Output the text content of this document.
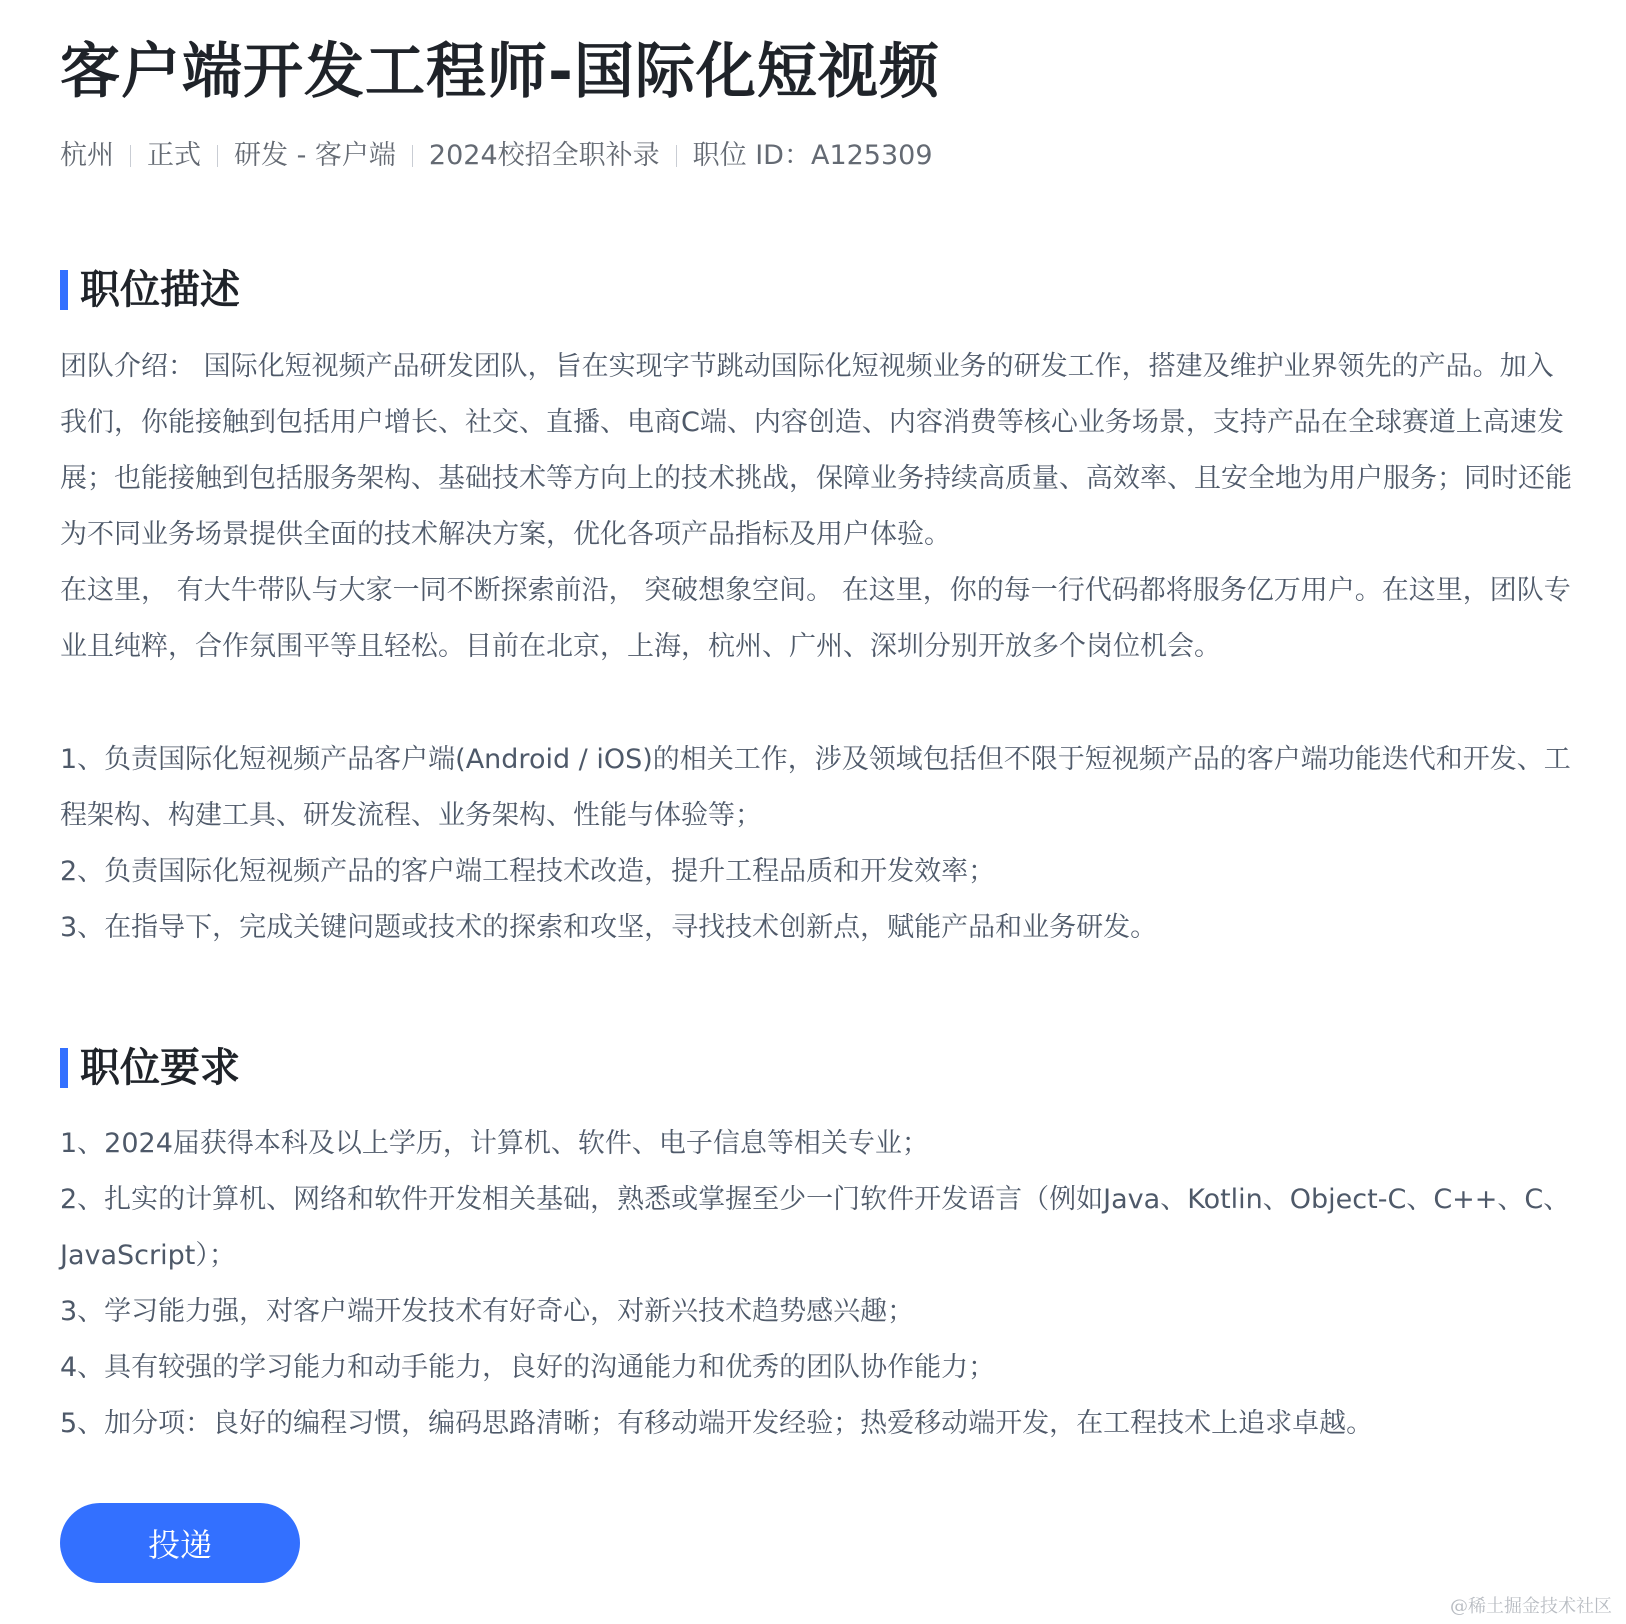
客户端开发工程师-国际化短视频
杭州 正式 研发 - 客户端 2024校招全职补录 职位 ID：A125309
职位描述

团队介绍： 国际化短视频产品研发团队，旨在实现字节跳动国际化短视频业务的研发工作，搭建及维护业界领先的产品。加入我们，你能接触到包括用户增长、社交、直播、电商C端、内容创造、内容消费等核心业务场景，支持产品在全球赛道上高速发展；也能接触到包括服务架构、基础技术等方向上的技术挑战，保障业务持续高质量、高效率、且安全地为用户服务；同时还能为不同业务场景提供全面的技术解决方案，优化各项产品指标及用户体验。

在这里， 有大牛带队与大家一同不断探索前沿， 突破想象空间。 在这里，你的每一行代码都将服务亿万用户。在这里，团队专业且纯粹，合作氛围平等且轻松。目前在北京，上海，杭州、广州、深圳分别开放多个岗位机会。

1、负责国际化短视频产品客户端(Android / iOS)的相关工作，涉及领域包括但不限于短视频产品的客户端功能迭代和开发、工程架构、构建工具、研发流程、业务架构、性能与体验等；

2、负责国际化短视频产品的客户端工程技术改造，提升工程品质和开发效率；

3、在指导下，完成关键问题或技术的探索和攻坚，寻找技术创新点，赋能产品和业务研发。

职位要求

1、2024届获得本科及以上学历，计算机、软件、电子信息等相关专业；

2、扎实的计算机、网络和软件开发相关基础，熟悉或掌握至少一门软件开发语言（例如Java、Kotlin、Object-C、C++、C、JavaScript）；

3、学习能力强，对客户端开发技术有好奇心，对新兴技术趋势感兴趣；

4、具有较强的学习能力和动手能力，良好的沟通能力和优秀的团队协作能力；

5、加分项：良好的编程习惯，编码思路清晰；有移动端开发经验；热爱移动端开发，在工程技术上追求卓越。

投递
@稀土掘金技术社区
